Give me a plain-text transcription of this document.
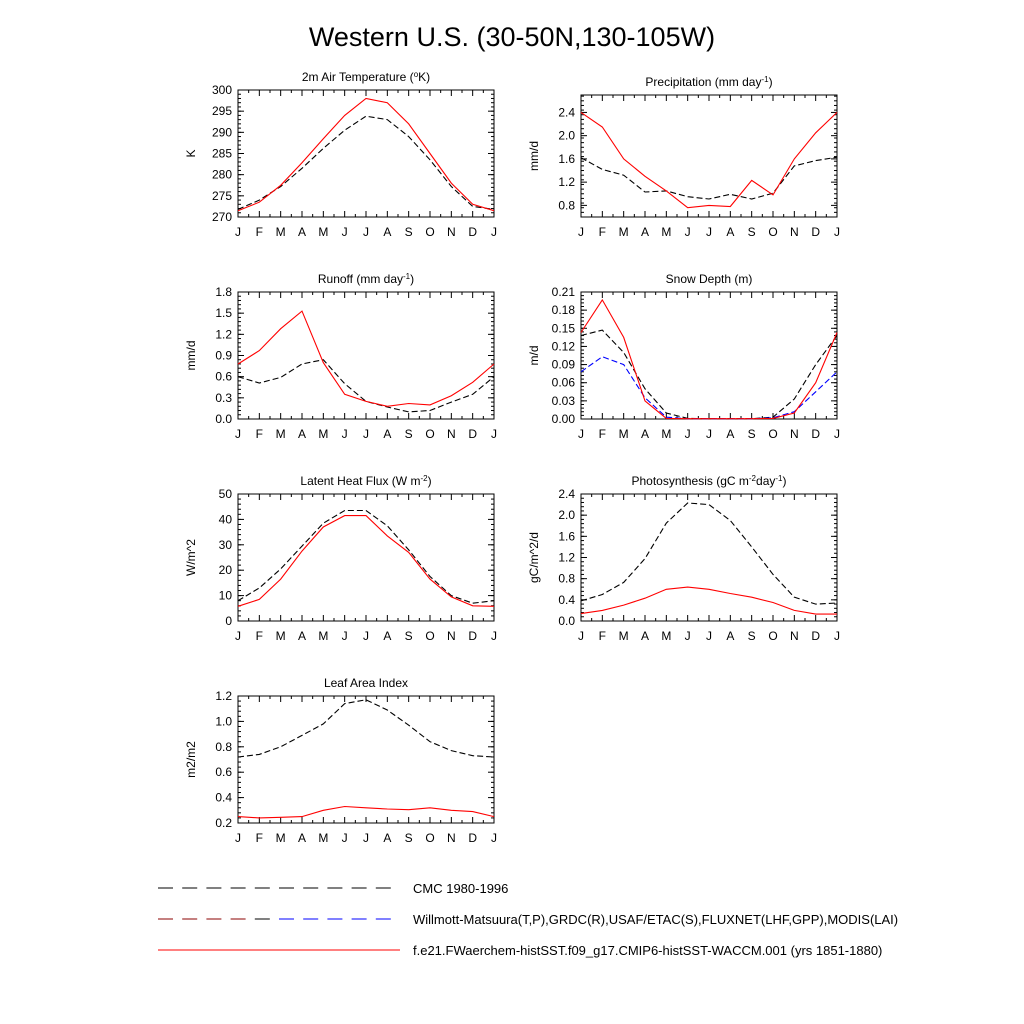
Western U.S. (30-50N,130-105W)
2m Air Temperature ($^o$K)
270
275
280
285
290
295
300
J F M A M J J A S O N D J
K
Precipitation (mm day$^{-1}$)
0.8
1.2
1.6
2.0
2.4
J F M A M J J A S O N D J
mm/d
Runoff (mm day$^{-1}$)
0.0
0.3
0.6
0.9
1.2
1.5
1.8
J F M A M J J A S O N D J
mm/d
Snow Depth (m)
0.00
0.03
0.06
0.09
0.12
0.15
0.18
0.21
J F M A M J J A S O N D J
m/d
Latent Heat Flux (W $m^{-2}$)
0
10
20
30
40
50
J F M A M J J A S O N D J
W/m^2
Photosynthesis (gC $m^{-2}day^{-1}$)
0.0
0.4
0.8
1.2
1.6
2.0
2.4
J F M A M J J A S O N D J
gC/m^2/d
Leaf Area Index
0.2
0.4
0.6
0.8
1.0
1.2
J F M A M J J A S O N D J
m2/m2
CMC 1980-1996
Willmott-Matsuura(T,P),GRDC(R),USAF/ETAC(S),FLUXNET(LHF,GPP),MODIS(LAI)
f.e21.FWaerchem-histSST.f09_g17.CMIP6-histSST-WACCM.001 (yrs 1851-1880)
